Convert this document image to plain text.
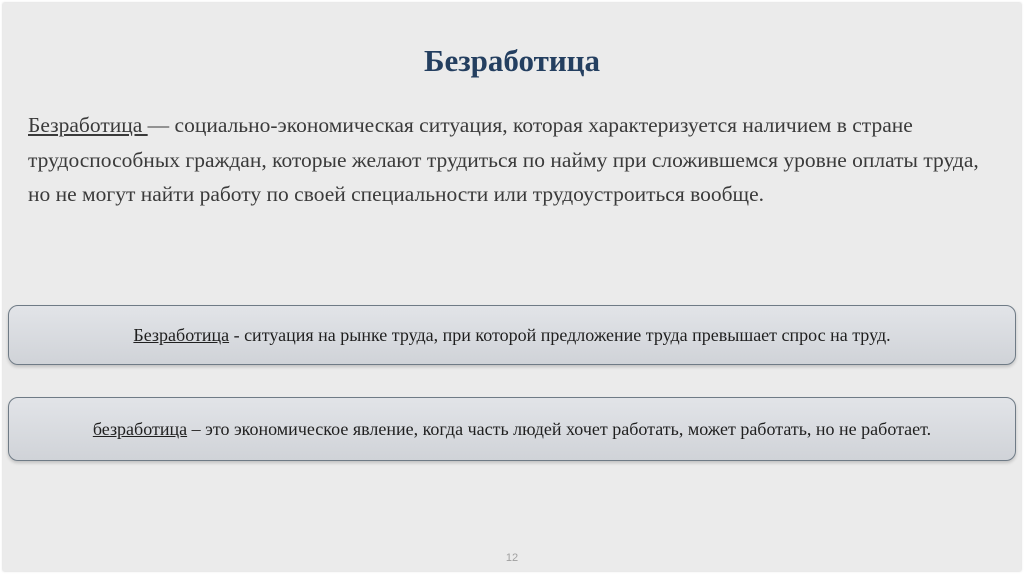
Безработица

Безработица — социально-экономическая ситуация, которая характеризуется наличием в стране трудоспособных граждан, которые желают трудиться по найму при сложившемся уровне оплаты труда, но не могут найти работу по своей специальности или трудоустроиться вообще.

Безработица - ситуация на рынке труда, при которой предложение труда превышает спрос на труд.
безработица – это экономическое явление, когда часть людей хочет работать, может работать, но не работает.
12
